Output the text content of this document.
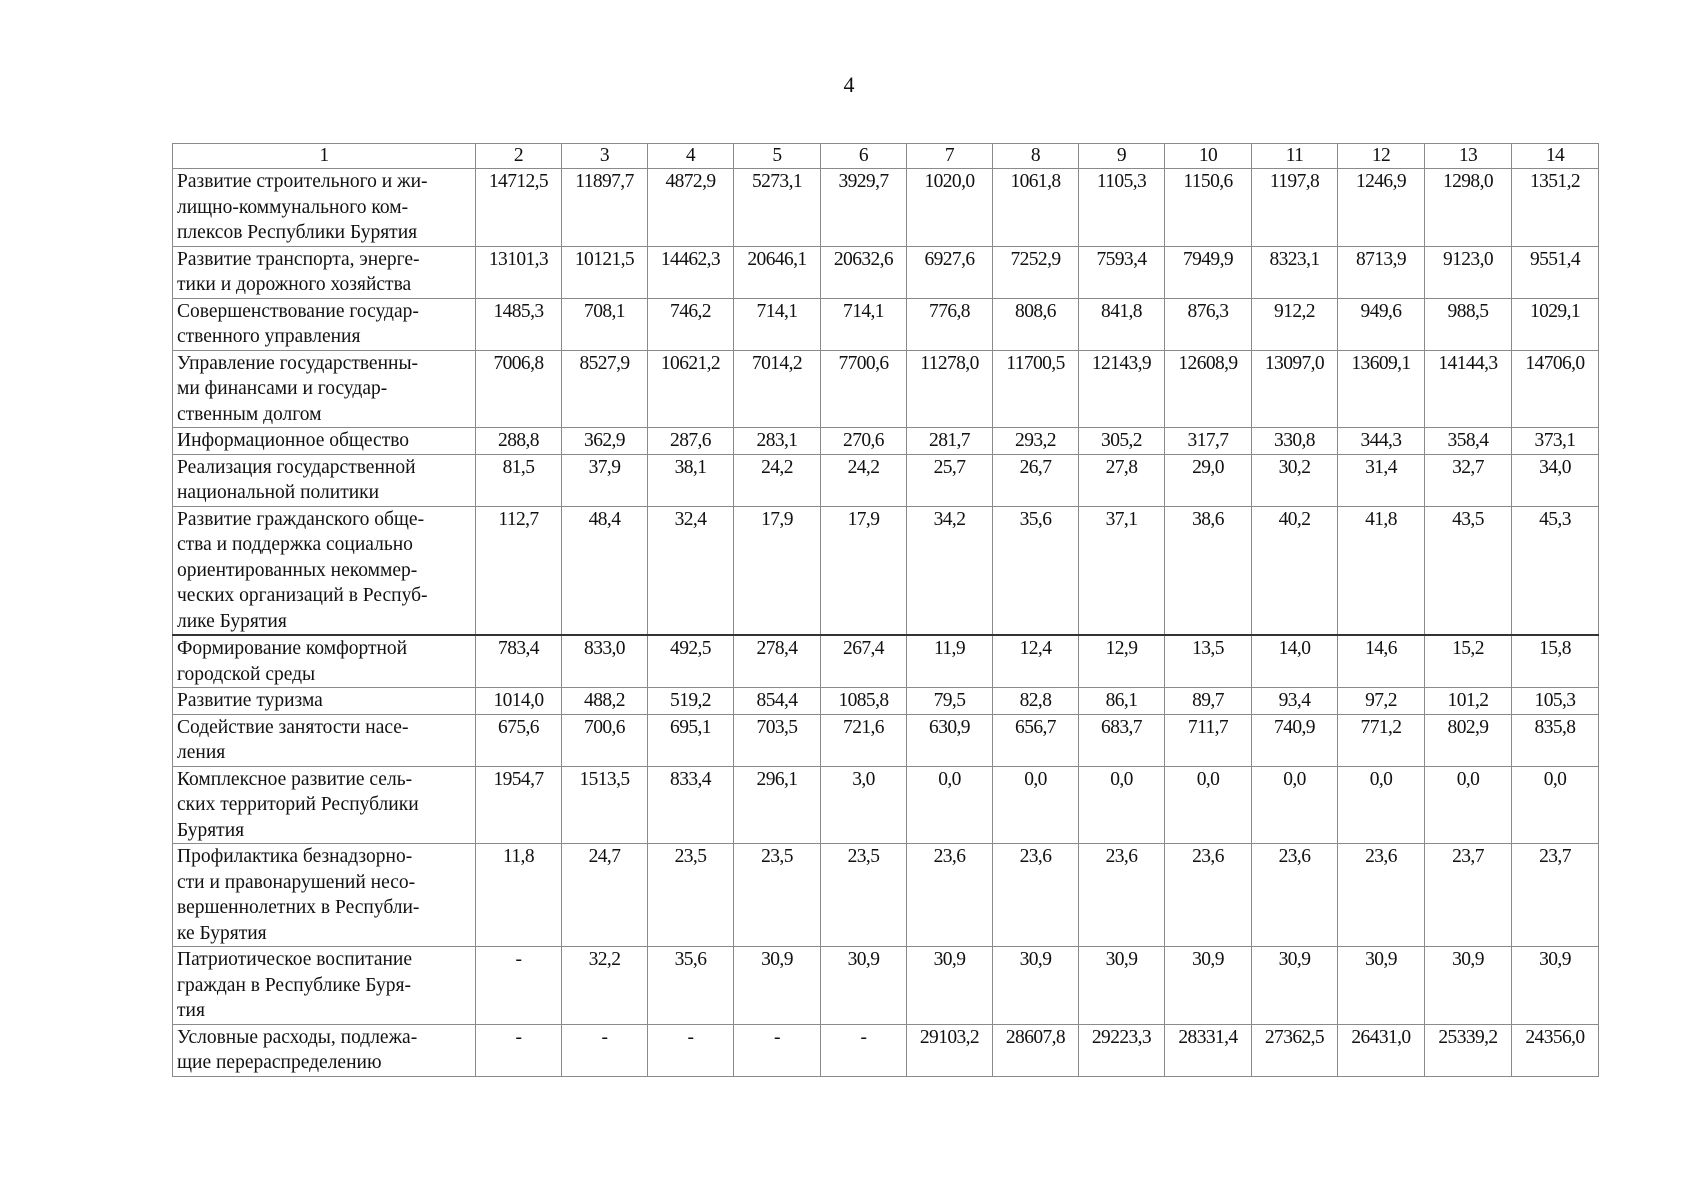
4
1	2	3	4	5	6	7	8	9	10	11	12	13	14

Развитие строительного и жи-
лищно-коммунального ком-
плексов Республики Бурятия	14712,5	11897,7	4872,9	5273,1	3929,7	1020,0	1061,8	1105,3	1150,6	1197,8	1246,9	1298,0	1351,2

Развитие транспорта, энерге-
тики и дорожного хозяйства	13101,3	10121,5	14462,3	20646,1	20632,6	6927,6	7252,9	7593,4	7949,9	8323,1	8713,9	9123,0	9551,4

Совершенствование государ-
ственного управления	1485,3	708,1	746,2	714,1	714,1	776,8	808,6	841,8	876,3	912,2	949,6	988,5	1029,1

Управление государственны-
ми финансами и государ-
ственным долгом	7006,8	8527,9	10621,2	7014,2	7700,6	11278,0	11700,5	12143,9	12608,9	13097,0	13609,1	14144,3	14706,0

Информационное общество	288,8	362,9	287,6	283,1	270,6	281,7	293,2	305,2	317,7	330,8	344,3	358,4	373,1

Реализация государственной
национальной политики	81,5	37,9	38,1	24,2	24,2	25,7	26,7	27,8	29,0	30,2	31,4	32,7	34,0

Развитие гражданского обще-
ства и поддержка социально
ориентированных некоммер-
ческих организаций в Респуб-
лике Бурятия	112,7	48,4	32,4	17,9	17,9	34,2	35,6	37,1	38,6	40,2	41,8	43,5	45,3

Формирование комфортной
городской среды	783,4	833,0	492,5	278,4	267,4	11,9	12,4	12,9	13,5	14,0	14,6	15,2	15,8

Развитие туризма	1014,0	488,2	519,2	854,4	1085,8	79,5	82,8	86,1	89,7	93,4	97,2	101,2	105,3

Содействие занятости насе-
ления	675,6	700,6	695,1	703,5	721,6	630,9	656,7	683,7	711,7	740,9	771,2	802,9	835,8

Комплексное развитие сель-
ских территорий Республики
Бурятия	1954,7	1513,5	833,4	296,1	3,0	0,0	0,0	0,0	0,0	0,0	0,0	0,0	0,0

Профилактика безнадзорно-
сти и правонарушений несо-
вершеннолетних в Республи-
ке Бурятия	11,8	24,7	23,5	23,5	23,5	23,6	23,6	23,6	23,6	23,6	23,6	23,7	23,7

Патриотическое воспитание
граждан в Республике Буря-
тия	-	32,2	35,6	30,9	30,9	30,9	30,9	30,9	30,9	30,9	30,9	30,9	30,9

Условные расходы, подлежа-
щие перераспределению	-	-	-	-	-	29103,2	28607,8	29223,3	28331,4	27362,5	26431,0	25339,2	24356,0
